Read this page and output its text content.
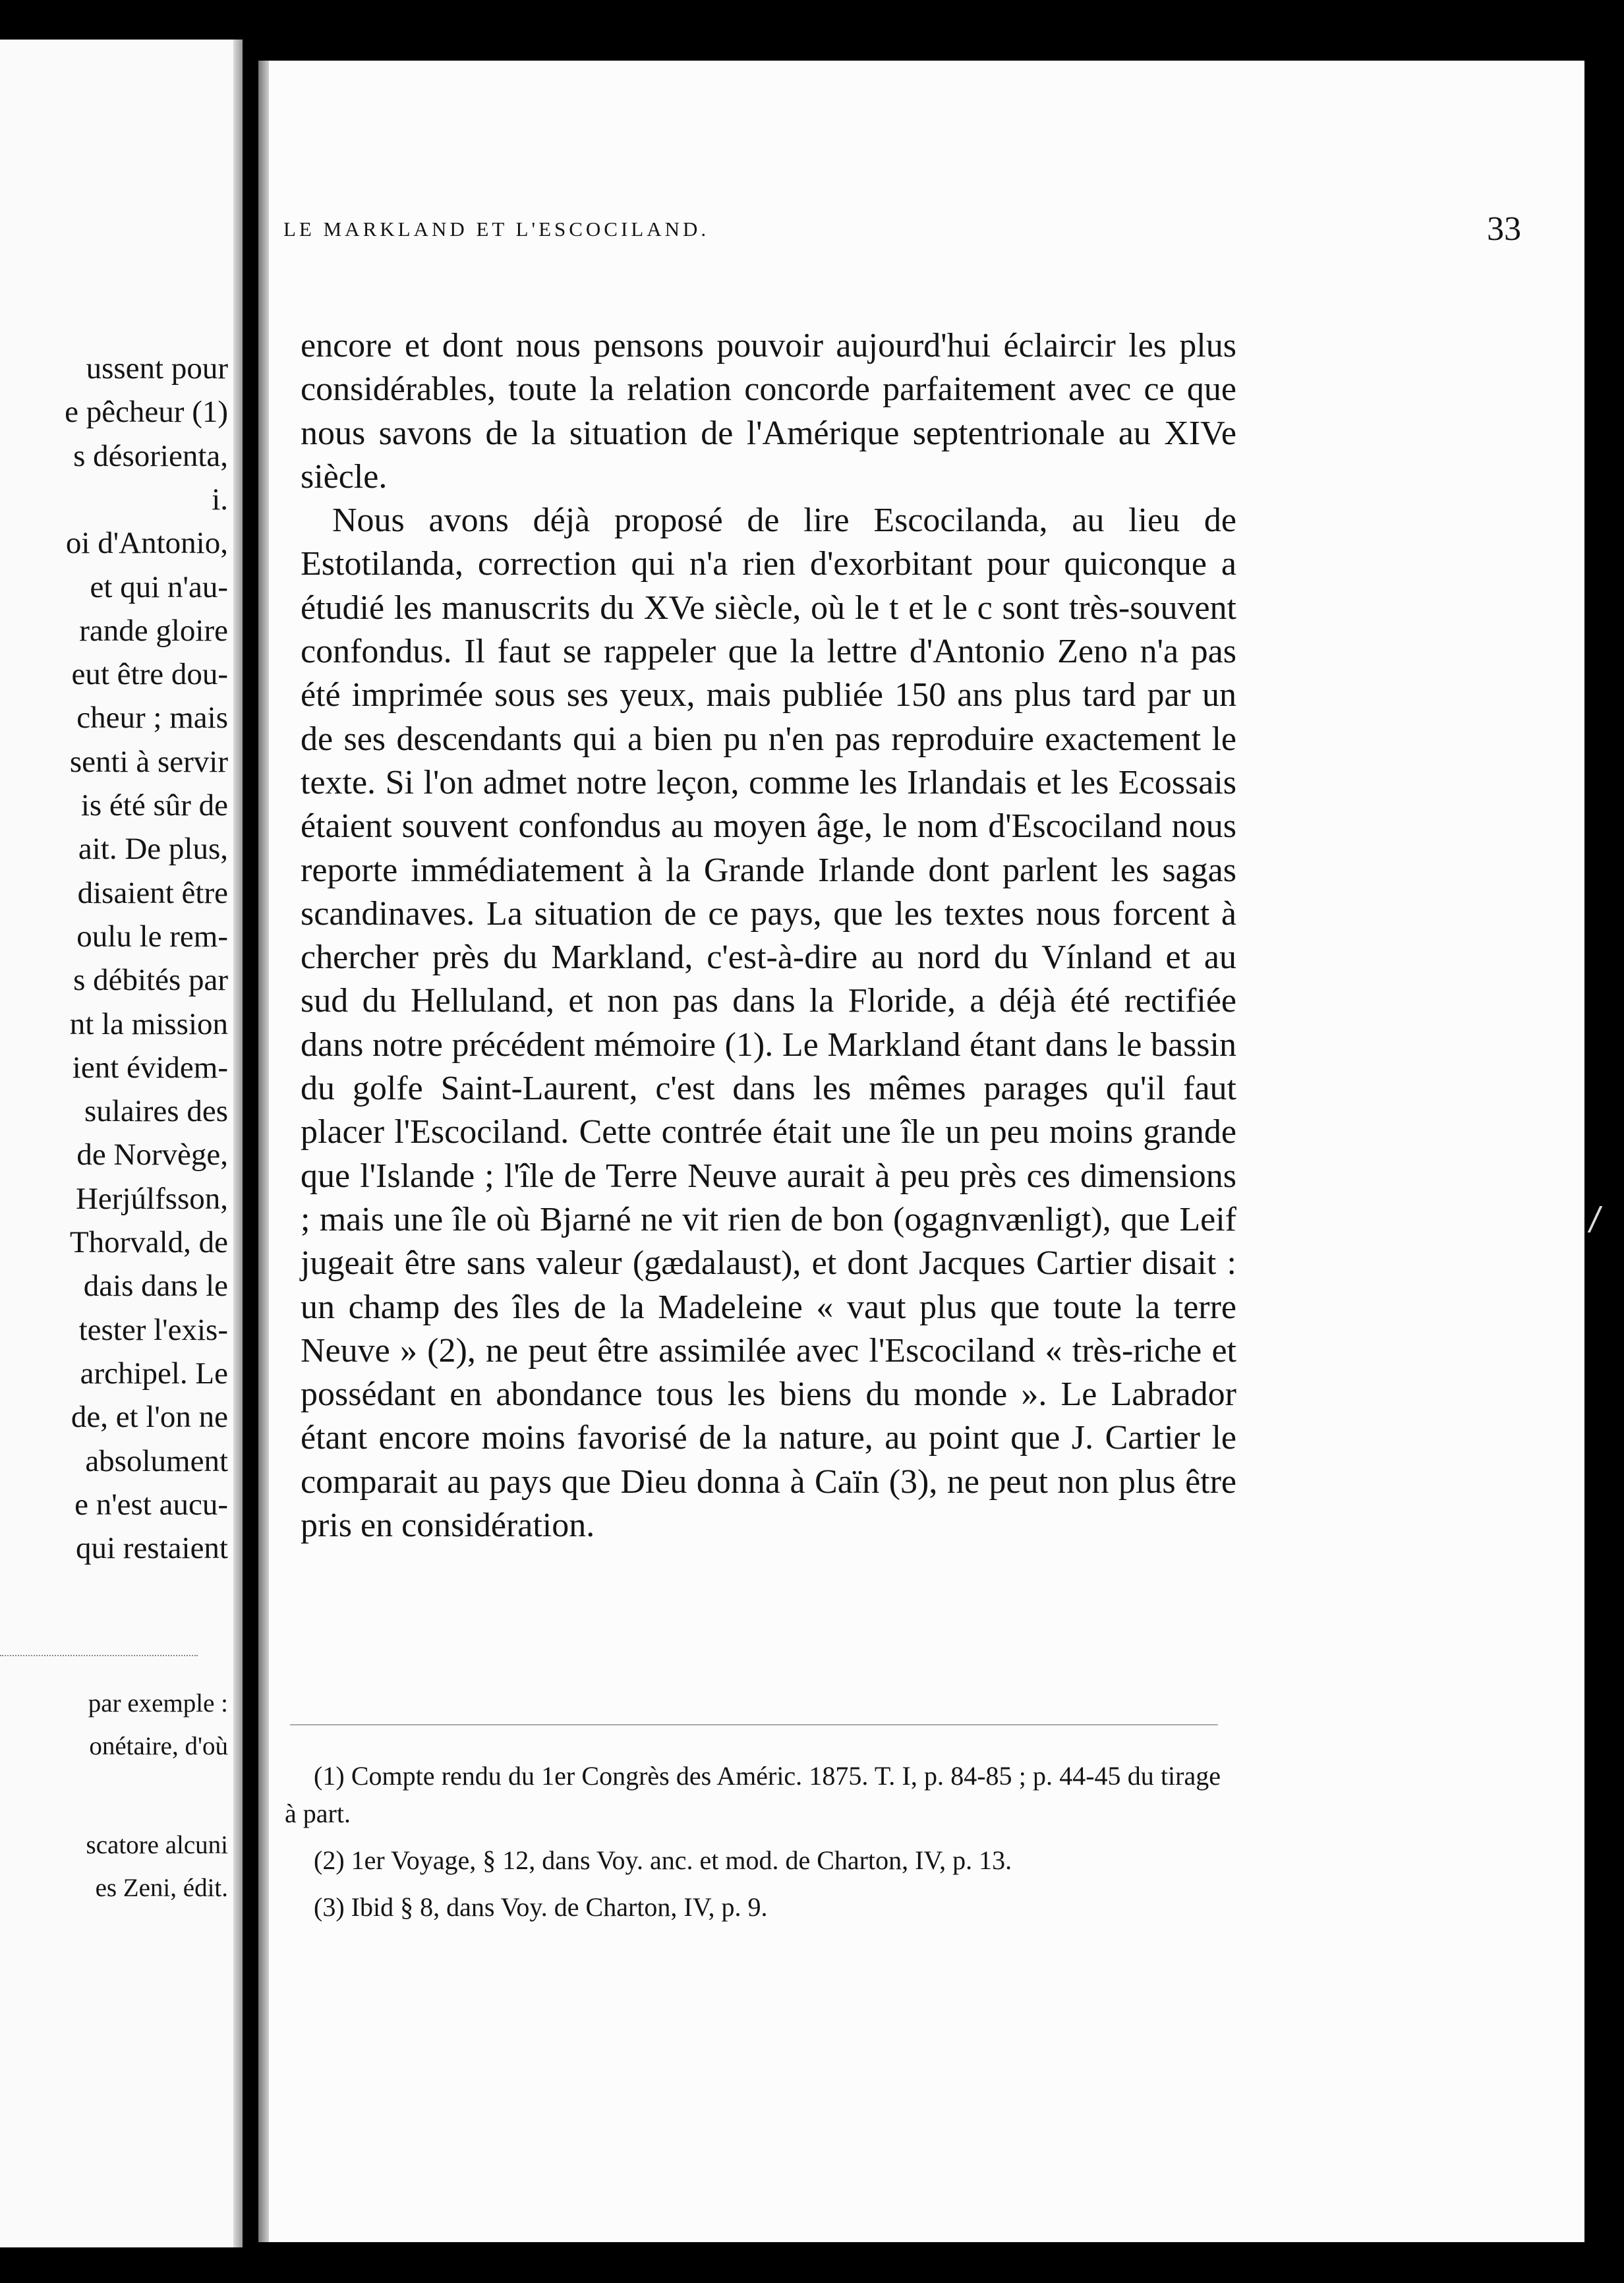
ussent pour
e pêcheur (1)
s désorienta,
i.
oi d'Antonio,
et qui n'au-
rande gloire
eut être dou-
cheur ; mais
senti à servir
is été sûr de
ait. De plus,
disaient être
oulu le rem-
s débités par
nt la mission
ient évidem-
sulaires des
de Norvège,
Herjúlfsson,
Thorvald, de
dais dans le
tester l'exis-
archipel. Le
de, et l'on ne
absolument
e n'est aucu-
qui restaient
par exemple :
onétaire, d'où
scatore alcuni
es Zeni, édit.
LE MARKLAND ET L'ESCOCILAND.	33

encore et dont nous pensons pouvoir aujourd'hui éclaircir les plus considérables, toute la relation concorde parfaitement avec ce que nous savons de la situation de l'Amérique septentrionale au XIVe siècle.

Nous avons déjà proposé de lire Escocilanda, au lieu de Estotilanda, correction qui n'a rien d'exorbitant pour quiconque a étudié les manuscrits du XVe siècle, où le t et le c sont très-souvent confondus. Il faut se rappeler que la lettre d'Antonio Zeno n'a pas été imprimée sous ses yeux, mais publiée 150 ans plus tard par un de ses descendants qui a bien pu n'en pas reproduire exactement le texte. Si l'on admet notre leçon, comme les Irlandais et les Ecossais étaient souvent confondus au moyen âge, le nom d'Escociland nous reporte immédiatement à la Grande Irlande dont parlent les sagas scandinaves. La situation de ce pays, que les textes nous forcent à chercher près du Markland, c'est-à-dire au nord du Vínland et au sud du Helluland, et non pas dans la Floride, a déjà été rectifiée dans notre précédent mémoire (1). Le Markland étant dans le bassin du golfe Saint-Laurent, c'est dans les mêmes parages qu'il faut placer l'Escociland. Cette contrée était une île un peu moins grande que l'Islande ; l'île de Terre Neuve aurait à peu près ces dimensions ; mais une île où Bjarné ne vit rien de bon (ogagnvænligt), que Leif jugeait être sans valeur (gædalaust), et dont Jacques Cartier disait : un champ des îles de la Madeleine « vaut plus que toute la terre Neuve » (2), ne peut être assimilée avec l'Escociland « très-riche et possédant en abondance tous les biens du monde ». Le Labrador étant encore moins favorisé de la nature, au point que J. Cartier le comparait au pays que Dieu donna à Caïn (3), ne peut non plus être pris en considération.

(1) Compte rendu du 1er Congrès des Améric. 1875. T. I, p. 84-85 ; p. 44-45 du tirage à part.

(2) 1er Voyage, § 12, dans Voy. anc. et mod. de Charton, IV, p. 13.

(3) Ibid § 8, dans Voy. de Charton, IV, p. 9.
